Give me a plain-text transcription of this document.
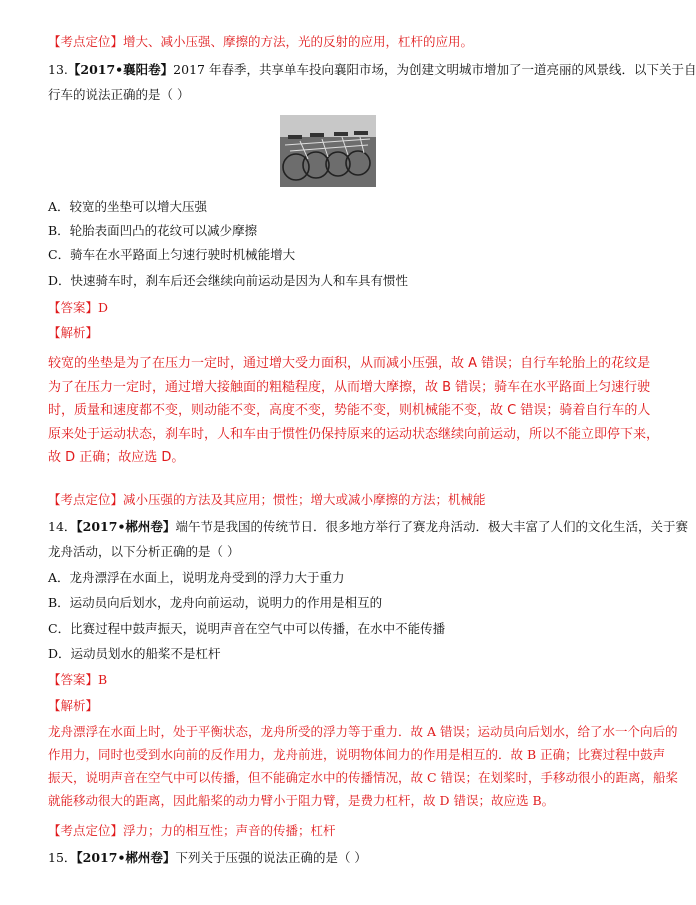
【考点定位】增大、减小压强、摩擦的方法，光的反射的应用，杠杆的应用。
13.【2017•襄阳卷】2017 年春季，共享单车投向襄阳市场，为创建文明城市增加了一道亮丽的风景线．以下关于自
行车的说法正确的是（ ）
A．较宽的坐垫可以增大压强
B．轮胎表面凹凸的花纹可以减少摩擦
C．骑车在水平路面上匀速行驶时机械能增大
D．快速骑车时，刹车后还会继续向前运动是因为人和车具有惯性
【答案】D
【解析】
较宽的坐垫是为了在压力一定时，通过增大受力面积，从而减小压强，故 A 错误；自行车轮胎上的花纹是
为了在压力一定时，通过增大接触面的粗糙程度，从而增大摩擦，故 B 错误；骑车在水平路面上匀速行驶
时，质量和速度都不变，则动能不变，高度不变，势能不变，则机械能不变，故 C 错误；骑着自行车的人
原来处于运动状态，刹车时，人和车由于惯性仍保持原来的运动状态继续向前运动，所以不能立即停下来，
故 D 正确；故应选 D。
【考点定位】减小压强的方法及其应用；惯性；增大或减小摩擦的方法；机械能
14．【2017•郴州卷】端午节是我国的传统节日．很多地方举行了赛龙舟活动．极大丰富了人们的文化生活，关于赛
龙舟活动，以下分析正确的是（ ）
A．龙舟漂浮在水面上，说明龙舟受到的浮力大于重力
B．运动员向后划水，龙舟向前运动，说明力的作用是相互的
C．比赛过程中鼓声振天，说明声音在空气中可以传播，在水中不能传播
D．运动员划水的船桨不是杠杆
【答案】B
【解析】
龙舟漂浮在水面上时，处于平衡状态，龙舟所受的浮力等于重力．故 A 错误；运动员向后划水，给了水一个向后的
作用力，同时也受到水向前的反作用力，龙舟前进，说明物体间力的作用是相互的．故 B 正确；比赛过程中鼓声
振天，说明声音在空气中可以传播，但不能确定水中的传播情况，故 C 错误；在划桨时，手移动很小的距离，船桨
就能移动很大的距离，因此船桨的动力臂小于阻力臂，是费力杠杆，故 D 错误；故应选 B。
【考点定位】浮力；力的相互性；声音的传播；杠杆
15．【2017•郴州卷】下列关于压强的说法正确的是（ ）
